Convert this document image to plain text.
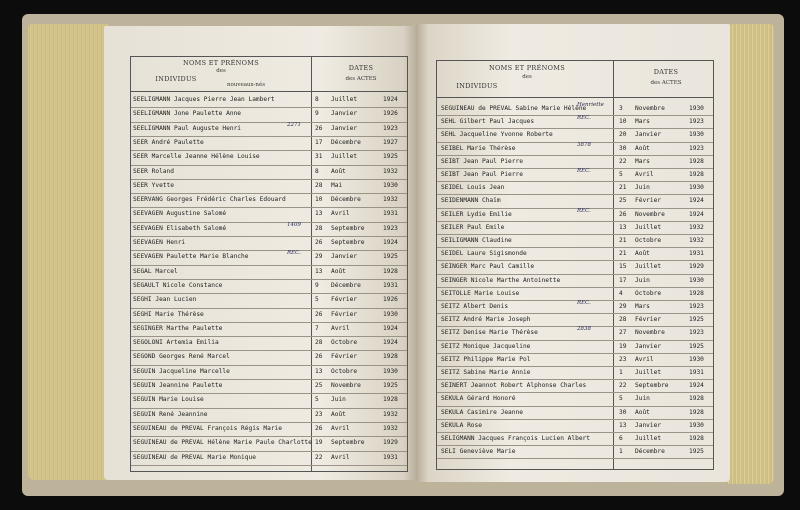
NOMS ET PRÉNOMS
des
INDIVIDUS
nouveaux-nés
DATES
des ACTES
SEELIGMANN Jacques Pierre Jean Lambert	8 Juillet	1924
SEELIGMANN Jone Paulette Anne	9 Janvier	1926
SEELIGMANN Paul Auguste Henri	26 Janvier	1923
2271
SEER André Paulette	17 Décembre	1927
SEER Marcelle Jeanne Hélène Louise	31 Juillet	1925
SEER Roland	8 Août	1932
SEER Yvette	28 Mai	1930
SEERVANG Georges Frédéric Charles Edouard	10 Décembre	1932
SEEVAGEN Augustine Salomé	13 Avril	1931
SEEVAGEN Elisabeth Salomé	28 Septembre	1923
1409
SEEVAGEN Henri	26 Septembre	1924
SEEVAGEN Paulette Marie Blanche	29 Janvier	1925
REC.
SEGAL Marcel	13 Août	1928
SEGAULT Nicole Constance	9 Décembre	1931
SEGHI Jean Lucien	5 Février	1926
SEGHI Marie Thérèse	26 Février	1930
SEGINGER Marthe Paulette	7 Avril	1924
SEGOLONI Artemia Emilia	28 Octobre	1924
SEGOND Georges René Marcel	26 Février	1928
SEGUIN Jacqueline Marcelle	13 Octobre	1930
SEGUIN Jeannine Paulette	25 Novembre	1925
SEGUIN Marie Louise	5 Juin	1928
SEGUIN René Jeannine	23 Août	1932
SEGUINEAU de PREVAL François Régis Marie	26 Avril	1932
SEGUINEAU de PREVAL Hélène Marie Paule Charlotte 19 Septembre	1929
SEGUINEAU de PREVAL Marie Monique	22 Avril	1931
NOMS ET PRÉNOMS
des
INDIVIDUS
DATES
des ACTES
SEGUINEAU de PREVAL Sabine Marie Hélène	3 Novembre	1930
Henriette
SEHL Gilbert Paul Jacques	10 Mars	1923
REC.
SEHL Jacqueline Yvonne Roberte	20 Janvier	1930
SEIBEL Marie Thérèse	30 Août	1923
3878
SEIBT Jean Paul Pierre	22 Mars	1928
SEIBT Jean Paul Pierre	5 Avril	1928
REC.
SEIDEL Louis Jean	21 Juin	1930
SEIDENMANN Chaïm	25 Février	1924
SEILER Lydie Emilie	26 Novembre	1924
REC.
SEILER Paul Emile	13 Juillet	1932
SEILIGMANN Claudine	21 Octobre	1932
SEIDEL Laure Sigismonde	21 Août	1931
SEINGER Marc Paul Camille	15 Juillet	1929
SEINGER Nicole Marthe Antoinette	17 Juin	1930
SEITOLLE Marie Louise	4 Octobre	1928
SEITZ Albert Denis	29 Mars	1923
REC.
SEITZ André Marie Joseph	28 Février	1925
SEITZ Denise Marie Thérèse	27 Novembre	1923
2838
SEITZ Monique Jacqueline	19 Janvier	1925
SEITZ Philippe Marie Pol	23 Avril	1930
SEITZ Sabine Marie Annie	1 Juillet	1931
SEINERT Jeannot Robert Alphonse Charles	22 Septembre	1924
SEKULA Gérard Honoré	5 Juin	1928
SEKULA Casimire Jeanne	30 Août	1928
SEKULA Rose	13 Janvier	1930
SELIGMANN Jacques François Lucien Albert	6 Juillet	1928
SELI Geneviève Marie	1 Décembre	1925
